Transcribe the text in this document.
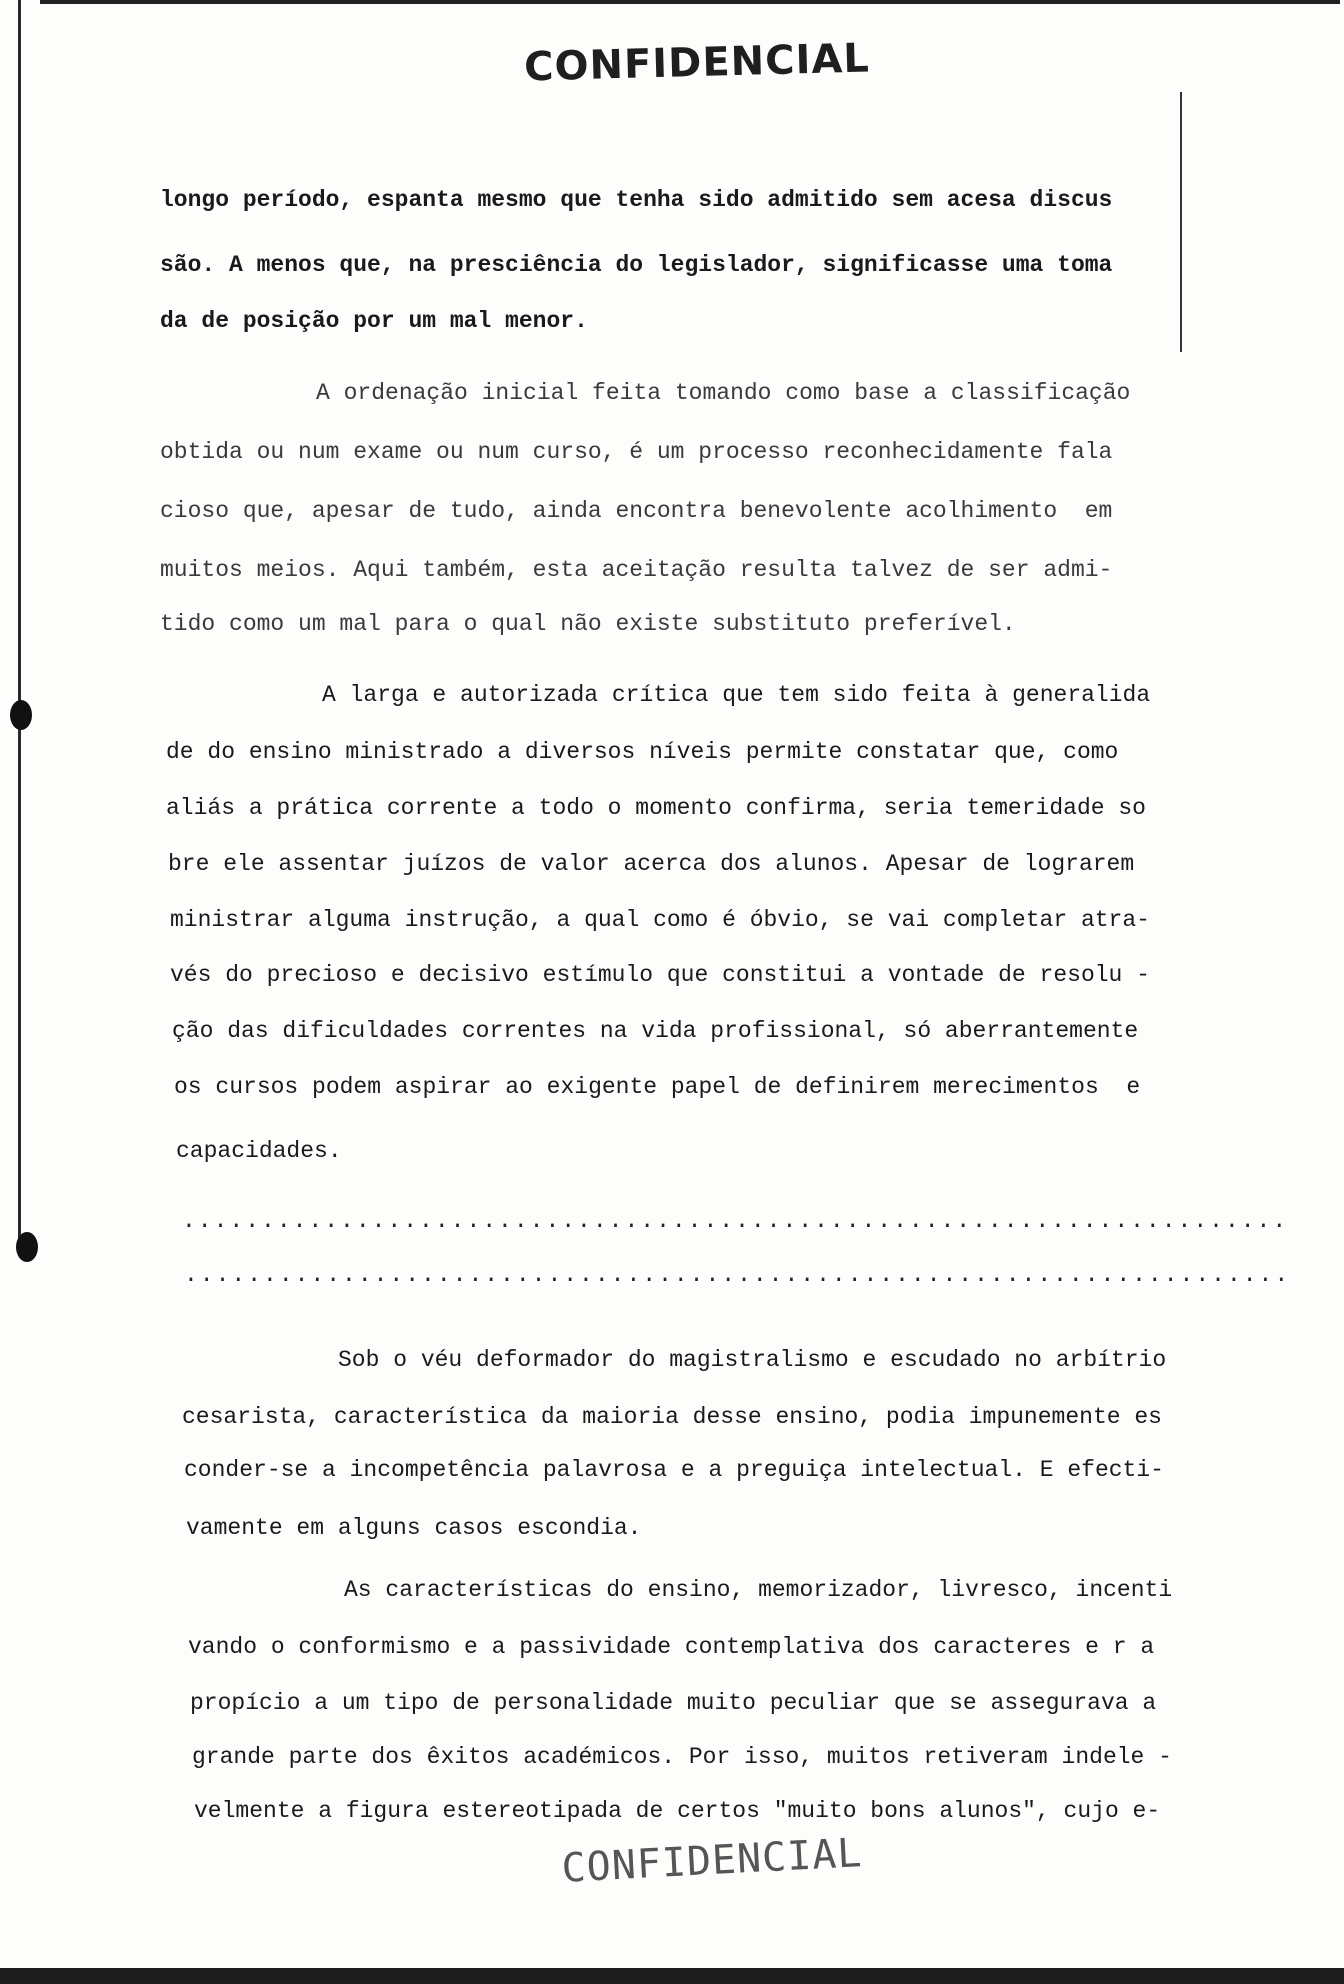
CONFIDENCIAL
longo período, espanta mesmo que tenha sido admitido sem acesa discus
são. A menos que, na presciência do legislador, significasse uma toma
da de posição por um mal menor.
A ordenação inicial feita tomando como base a classificação
obtida ou num exame ou num curso, é um processo reconhecidamente fala
cioso que, apesar de tudo, ainda encontra benevolente acolhimento  em
muitos meios. Aqui também, esta aceitação resulta talvez de ser admi-
tido como um mal para o qual não existe substituto preferível.
A larga e autorizada crítica que tem sido feita à generalida
de do ensino ministrado a diversos níveis permite constatar que, como
aliás a prática corrente a todo o momento confirma, seria temeridade so
bre ele assentar juízos de valor acerca dos alunos. Apesar de lograrem
ministrar alguma instrução, a qual como é óbvio, se vai completar atra-
vés do precioso e decisivo estímulo que constitui a vontade de resolu -
ção das dificuldades correntes na vida profissional, só aberrantemente
os cursos podem aspirar ao exigente papel de definirem merecimentos  e
capacidades.
......................................................................
......................................................................
Sob o véu deformador do magistralismo e escudado no arbítrio
cesarista, característica da maioria desse ensino, podia impunemente es
conder-se a incompetência palavrosa e a preguiça intelectual. E efecti-
vamente em alguns casos escondia.
As características do ensino, memorizador, livresco, incenti
vando o conformismo e a passividade contemplativa dos caracteres e r a
propício a um tipo de personalidade muito peculiar que se assegurava a
grande parte dos êxitos académicos. Por isso, muitos retiveram indele -
velmente a figura estereotipada de certos "muito bons alunos", cujo e-
CONFIDENCIAL
